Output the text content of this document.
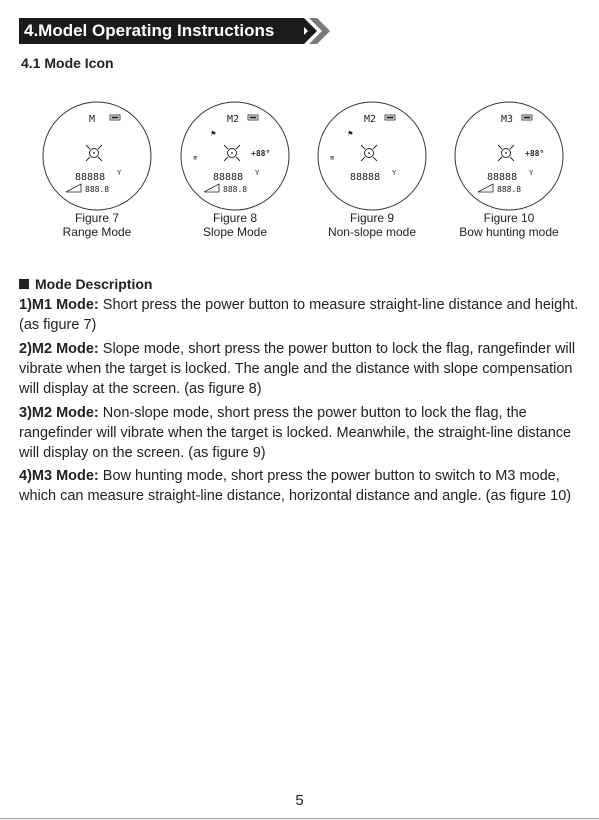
4.Model Operating Instructions
4.1 Mode Icon
M
88888 Y
888.8
Figure 7
Range Mode
M2
⚑
≋	+88°
88888 Y
888.8
Figure 8
Slope Mode
M2
⚑
≋
88888 Y
Figure 9
Non-slope mode
M3
+88°
88888 Y
888.8
Figure 10
Bow hunting mode
Mode Description
1)M1 Mode: Short press the power button to measure straight-line distance and height. (as figure 7)
2)M2 Mode: Slope mode, short press the power button to lock the flag, rangefinder will vibrate when the target is locked. The angle and the distance with slope compensation will display at the screen. (as figure 8)
3)M2 Mode: Non-slope mode, short press the power button to lock the flag, the rangefinder will vibrate when the target is locked. Meanwhile, the straight-line distance will display on the screen. (as figure 9)
4)M3 Mode: Bow hunting mode, short press the power button to switch to M3 mode, which can measure straight-line distance, horizontal distance and angle. (as figure 10)
5
